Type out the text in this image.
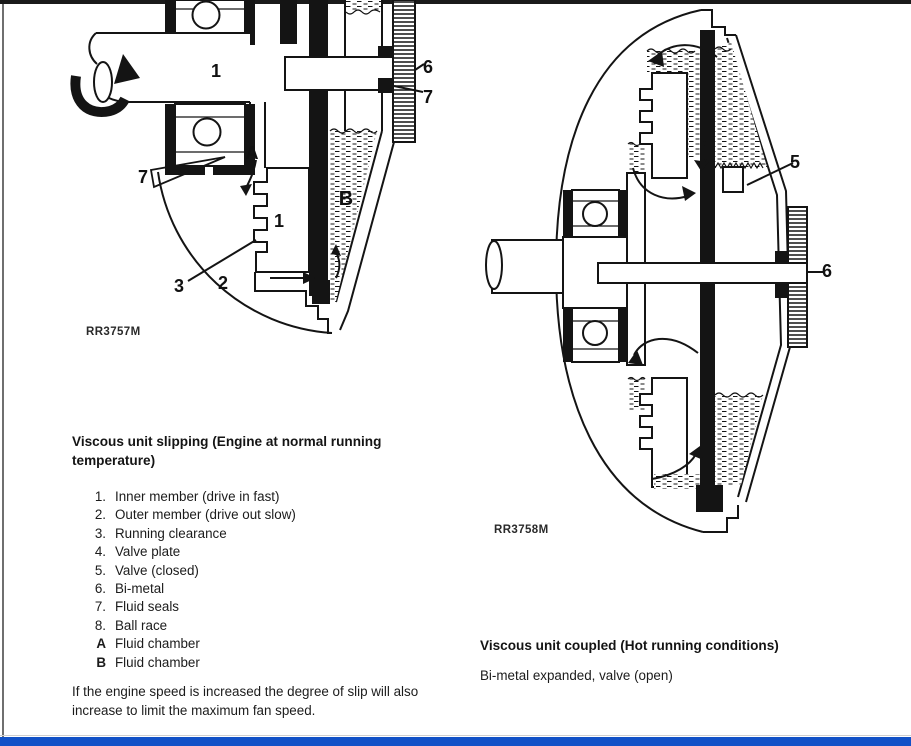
1	6
7
7
A
1
3 2
B
RR3757M
5
6
RR3758M
Viscous unit slipping (Engine at normal running temperature)
1. Inner member (drive in fast)
2. Outer member (drive out slow)
3. Running clearance
4. Valve plate
5. Valve (closed)
6. Bi-metal
7. Fluid seals
8. Ball race
A Fluid chamber
B Fluid chamber
If the engine speed is increased the degree of slip will also increase to limit the maximum fan speed.
Viscous unit coupled (Hot running conditions)
Bi-metal expanded, valve (open)
